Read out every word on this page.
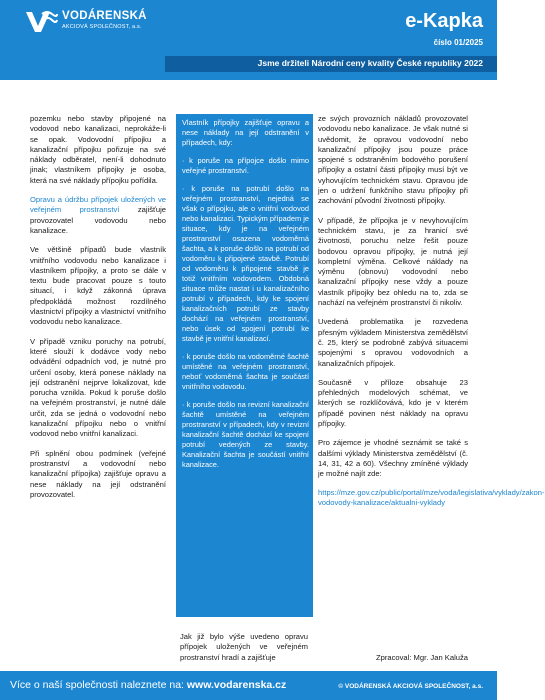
VODÁRENSKÁ
AKCIOVÁ SPOLEČNOST, a.s.	e-Kapka
číslo 01/2025
Jsme držiteli Národní ceny kvality České republiky 2022

pozemku nebo stavby připojené na vodovod nebo kanalizaci, neprokáže-li se opak. Vodovodní přípojku a kanalizační přípojku pořizuje na své náklady odběratel, není-li dohodnuto jinak; vlastníkem přípojky je osoba, která na své náklady přípojku pořídila.

Opravu a údržbu přípojek uložených ve veřejném prostranství zajišťuje provozovatel vodovodu nebo kanalizace.

Ve většině případů bude vlastník vnitřního vodovodu nebo kanalizace i vlastníkem přípojky, a proto se dále v textu bude pracovat pouze s touto situací, i když zákonná úprava předpokládá možnost rozdílného vlastnictví přípojky a vlastnictví vnitřního vodovodu nebo kanalizace.

V případě vzniku poruchy na potrubí, které slouží k dodávce vody nebo odvádění odpadních vod, je nutné pro určení osoby, která ponese náklady na její odstranění nejprve lokalizovat, kde porucha vznikla. Pokud k poruše došlo na veřejném prostranství, je nutné dále určit, zda se jedná o vodovodní nebo kanalizační přípojku nebo o vnitřní vodovod nebo vnitřní kanalizaci.

Při splnění obou podmínek (veřejné prostranství a vodovodní nebo kanalizační přípojka) zajišťuje opravu a nese náklady na její odstranění provozovatel.

Vlastník přípojky zajišťuje opravu a nese náklady na její odstranění v případech, kdy:

· k poruše na přípojce došlo mimo veřejné prostranství.

· k poruše na potrubí došlo na veřejném prostranství, nejedná se však o přípojku, ale o vnitřní vodovod nebo kanalizaci. Typickým případem je situace, kdy je na veřejném prostranství osazena vodoměrná šachta, a k poruše došlo na potrubí od vodoměru k připojené stavbě. Potrubí od vodoměru k připojené stavbě je totiž vnitřním vodovodem. Obdobná situace může nastat i u kanalizačního potrubí v případech, kdy ke spojení kanalizačních potrubí ze stavby dochází na veřejném prostranství, nebo úsek od spojení potrubí ke stavbě je vnitřní kanalizací.

· k poruše došlo na vodoměrné šachtě umístěné na veřejném prostranství, neboť vodoměrná šachta je součástí vnitřního vodovodu.

· k poruše došlo na revizní kanalizační šachtě umístěné na veřejném prostranství v případech, kdy v revizní kanalizační šachtě dochází ke spojení potrubí vedených ze stavby. Kanalizační šachta je součástí vnitřní kanalizace.

Jak již bylo výše uvedeno opravu přípojek uložených ve veřejném prostranství hradí a zajišťuje

ze svých provozních nákladů provozovatel vodovodu nebo kanalizace. Je však nutné si uvědomit, že opravou vodovodní nebo kanalizační přípojky jsou pouze práce spojené s odstraněním bodového porušení přípojky a ostatní části přípojky musí být ve vyhovujícím technickém stavu. Opravou jde jen o udržení funkčního stavu přípojky při zachování původní životnosti přípojky.

V případě, že přípojka je v nevyhovujícím technickém stavu, je za hranicí své životnosti, poruchu nelze řešit pouze bodovou opravou přípojky, je nutná její kompletní výměna. Celkové náklady na výměnu (obnovu) vodovodní nebo kanalizační přípojky nese vždy a pouze vlastník přípojky bez ohledu na to, zda se nachází na veřejném prostranství či nikoliv.

Uvedená problematika je rozvedena přesným výkladem Ministerstva zemědělství č. 25, který se podrobně zabývá situacemi spojenými s opravou vodovodních a kanalizačních přípojek.

Současně v příloze obsahuje 23 přehledných modelových schémat, ve kterých se rozklíčovává, kdo je v kterém případě povinen nést náklady na opravu přípojky.

Pro zájemce je vhodné seznámit se také s dalšími výklady Ministerstva zemědělství (č. 14, 31, 42 a 60). Všechny zmíněné výklady je možné najít zde:
https://mze.gov.cz/public/portal/mze/voda/legislativa/vyklady/zakon-vodovody-kanalizace/aktualni-vyklady

Zpracoval: Mgr. Jan Kaluža
Více o naší společnosti naleznete na: www.vodarenska.cz	© VODÁRENSKÁ AKCIOVÁ SPOLEČNOST, a.s.
